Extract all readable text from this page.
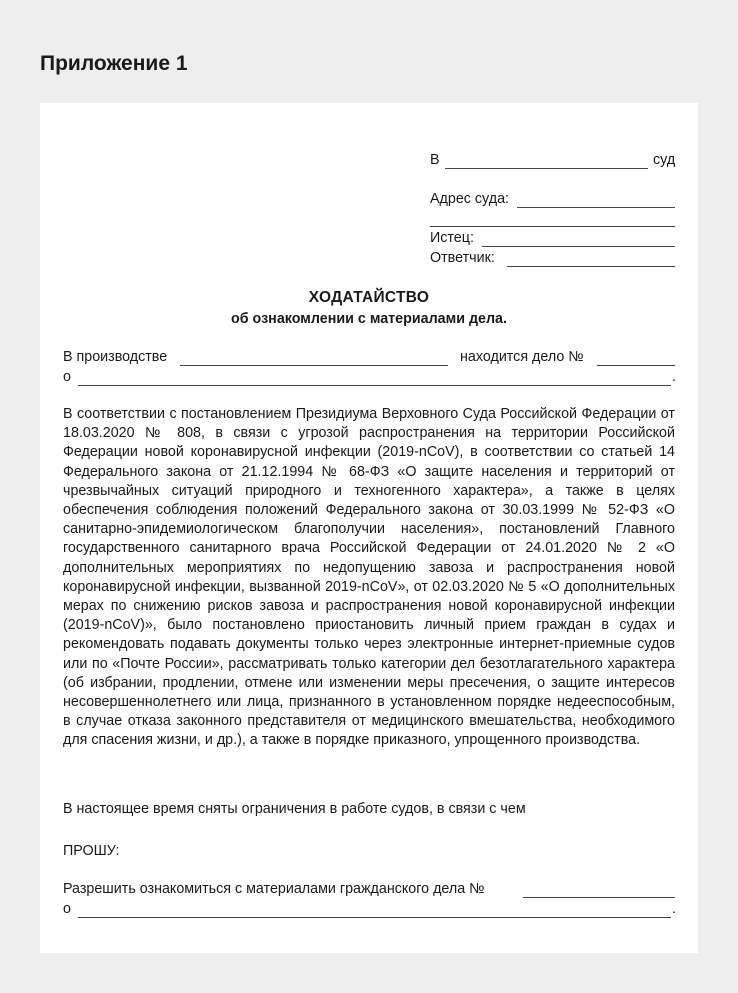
Приложение 1
В	суд
Адрес суда:
Истец:
Ответчик:
ХОДАТАЙСТВО
об ознакомлении с материалами дела.
В производстве	находится дело №
о	.

В соответствии с постановлением Президиума Верховного Суда Российской Федерации от 18.03.2020 № 808, в связи с угрозой распространения на территории Российской Федерации новой коронавирусной инфекции (2019-nCoV), в соответствии со статьей 14 Федерального закона от 21.12.1994 № 68-ФЗ «О защите населения и территорий от чрезвычайных ситуаций природного и техногенного характера», а также в целях обеспечения соблюдения положений Федерального закона от 30.03.1999 № 52-ФЗ «О санитарно-эпидемиологическом благополучии населения», постановлений Главного государственного санитарного врача Российской Федерации от 24.01.2020 № 2 «О дополнительных мероприятиях по недопущению завоза и распространения новой коронавирусной инфекции, вызванной 2019-nCoV», от 02.03.2020 № 5 «О дополнительных мерах по снижению рисков завоза и распространения новой коронавирусной инфекции (2019-nCoV)», было постановлено приостановить личный прием граждан в судах и рекомендовать подавать документы только через электронные интернет-приемные судов или по «Почте России», рассматривать только категории дел безотлагательного характера (об избрании, продлении, отмене или изменении меры пресечения, о защите интересов несовершеннолетнего или лица, признанного в установленном порядке недееспособным, в случае отказа законного представителя от медицинского вмешательства, необходимого для спасения жизни, и др.), а также в порядке приказного, упрощенного производства.

В настоящее время сняты ограничения в работе судов, в связи с чем
ПРОШУ:
Разрешить ознакомиться с материалами гражданского дела №
о	.
